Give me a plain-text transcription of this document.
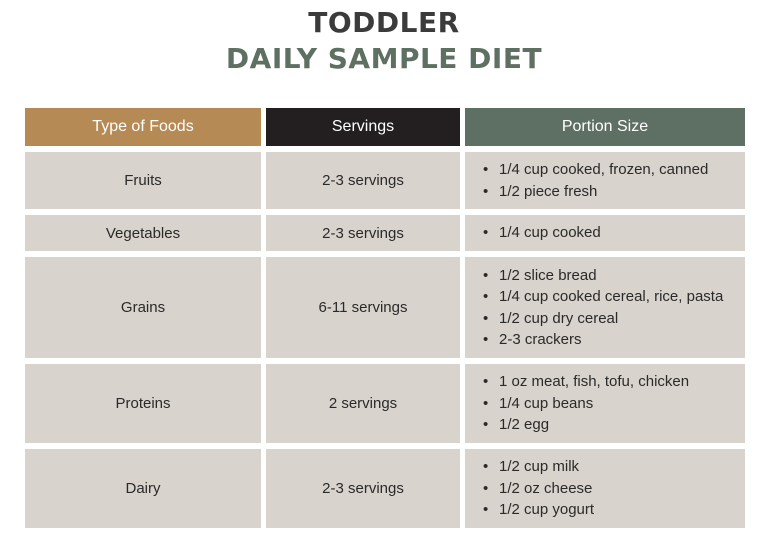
TODDLER
DAILY SAMPLE DIET
Type of Foods	Servings	Portion Size
Fruits	2-3 servings
• 1/4 cup cooked, frozen, canned
• 1/2 piece fresh
Vegetables	2-3 servings
•	1/4 cup cooked
Grains	6-11 servings
• 1/2 slice bread
• 1/4 cup cooked cereal, rice, pasta
• 1/2 cup dry cereal
• 2-3 crackers
Proteins	2 servings
• 1 oz meat, fish, tofu, chicken
• 1/4 cup beans
• 1/2 egg
Dairy	2-3 servings
• 1/2 cup milk
• 1/2 oz cheese
• 1/2 cup yogurt
